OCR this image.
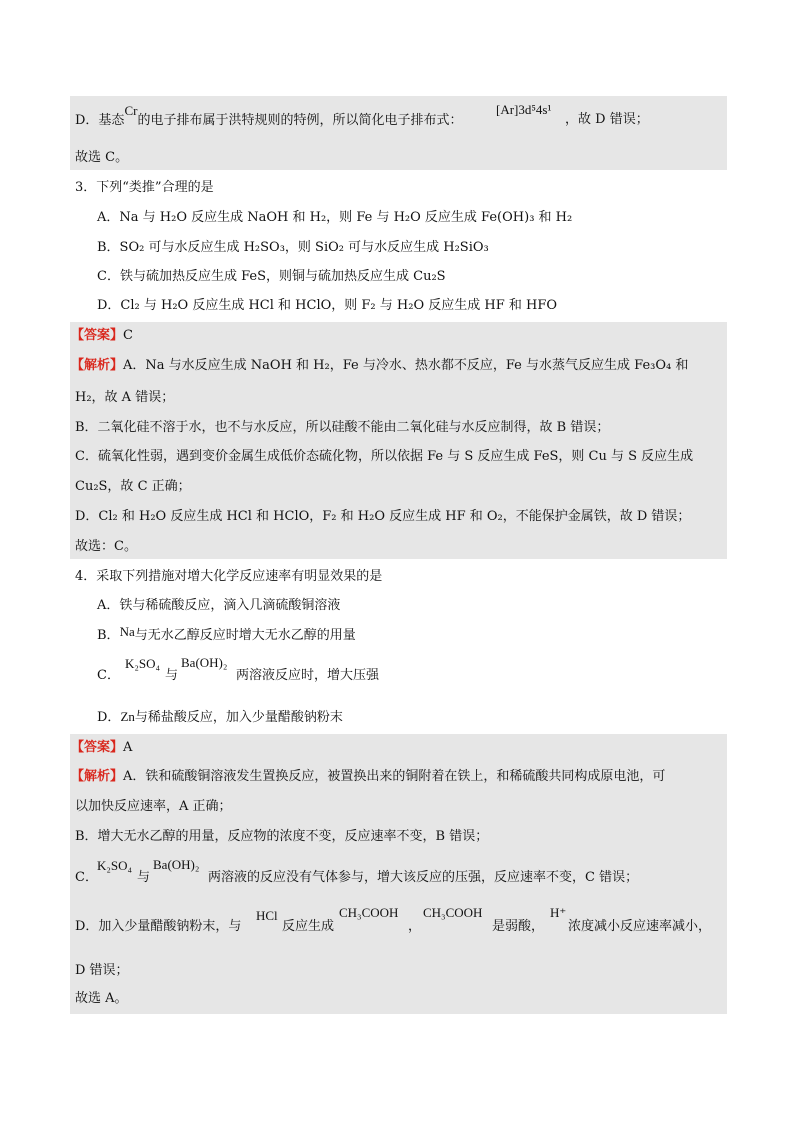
D．基态Cr的电子排布属于洪特规则的特例，所以简化电子排布式：
[Ar]3d⁵4s¹
，故 D 错误；
故选 C。
3．下列“类推”合理的是
A．Na 与 H₂O 反应生成 NaOH 和 H₂，则 Fe 与 H₂O 反应生成 Fe(OH)₃ 和 H₂
B．SO₂ 可与水反应生成 H₂SO₃，则 SiO₂ 可与水反应生成 H₂SiO₃
C．铁与硫加热反应生成 FeS，则铜与硫加热反应生成 Cu₂S
D．Cl₂ 与 H₂O 反应生成 HCl 和 HClO，则 F₂ 与 H₂O 反应生成 HF 和 HFO
【答案】C
【解析】A．Na 与水反应生成 NaOH 和 H₂，Fe 与冷水、热水都不反应，Fe 与水蒸气反应生成 Fe₃O₄ 和
H₂，故 A 错误；
B．二氧化硅不溶于水，也不与水反应，所以硅酸不能由二氧化硅与水反应制得，故 B 错误；
C．硫氧化性弱，遇到变价金属生成低价态硫化物，所以依据 Fe 与 S 反应生成 FeS，则 Cu 与 S 反应生成
Cu₂S，故 C 正确；
D．Cl₂ 和 H₂O 反应生成 HCl 和 HClO，F₂ 和 H₂O 反应生成 HF 和 O₂，不能保护金属铁，故 D 错误；
故选：C。
4．采取下列措施对增大化学反应速率有明显效果的是
A．铁与稀硫酸反应，滴入几滴硫酸铜溶液
B．Na与无水乙醇反应时增大无水乙醇的用量
C．
K₂SO₄
与
Ba(OH)₂
两溶液反应时，增大压强
D．Zn与稀盐酸反应，加入少量醋酸钠粉末
【答案】A
【解析】A．铁和硫酸铜溶液发生置换反应，被置换出来的铜附着在铁上，和稀硫酸共同构成原电池，可
以加快反应速率，A 正确；
B．增大无水乙醇的用量，反应物的浓度不变，反应速率不变，B 错误；
C．
K₂SO₄
与
Ba(OH)₂
两溶液的反应没有气体参与，增大该反应的压强，反应速率不变，C 错误；
D．加入少量醋酸钠粉末，与
HCl
反应生成
CH₃COOH
，
CH₃COOH
是弱酸，
H⁺
浓度减小反应速率减小，
D 错误；
故选 A。
